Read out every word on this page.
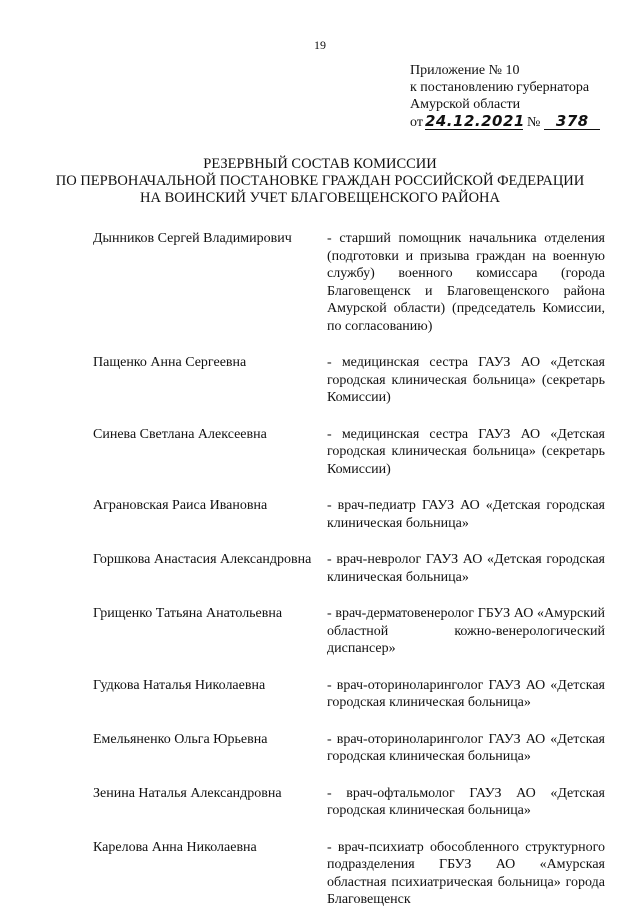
19
Приложение № 10
к постановлению губернатора
Амурской области
от 24.12.2021 № 378
РЕЗЕРВНЫЙ СОСТАВ КОМИССИИ
ПО ПЕРВОНАЧАЛЬНОЙ ПОСТАНОВКЕ ГРАЖДАН РОССИЙСКОЙ ФЕДЕРАЦИИ
НА ВОИНСКИЙ УЧЕТ БЛАГОВЕЩЕНСКОГО РАЙОНА
Дынников Сергей Владимирович	- старший помощник начальника отделения (подготовки и призыва граждан на военную службу) военного комиссара (города Благовещенск и Благовещенского района Амурской области) (председатель Комиссии, по согласованию)
Пащенко Анна Сергеевна	- медицинская сестра ГАУЗ АО «Детская городская клиническая больница» (секретарь Комиссии)
Синева Светлана Алексеевна	- медицинская сестра ГАУЗ АО «Детская городская клиническая больница» (секретарь Комиссии)
Аграновская Раиса Ивановна	- врач-педиатр ГАУЗ АО «Детская городская клиническая больница»
Горшкова Анастасия Александровна	- врач-невролог ГАУЗ АО «Детская городская клиническая больница»
Грищенко Татьяна Анатольевна	- врач-дерматовенеролог ГБУЗ АО «Амурский областной кожно-венерологический диспансер»
Гудкова Наталья Николаевна	- врач-оториноларинголог ГАУЗ АО «Детская городская клиническая больница»
Емельяненко Ольга Юрьевна	- врач-оториноларинголог ГАУЗ АО «Детская городская клиническая больница»
Зенина Наталья Александровна	- врач-офтальмолог ГАУЗ АО «Детская городская клиническая больница»
Карелова Анна Николаевна	- врач-психиатр обособленного структурного подразделения ГБУЗ АО «Амурская областная психиатрическая больница» города Благовещенск
